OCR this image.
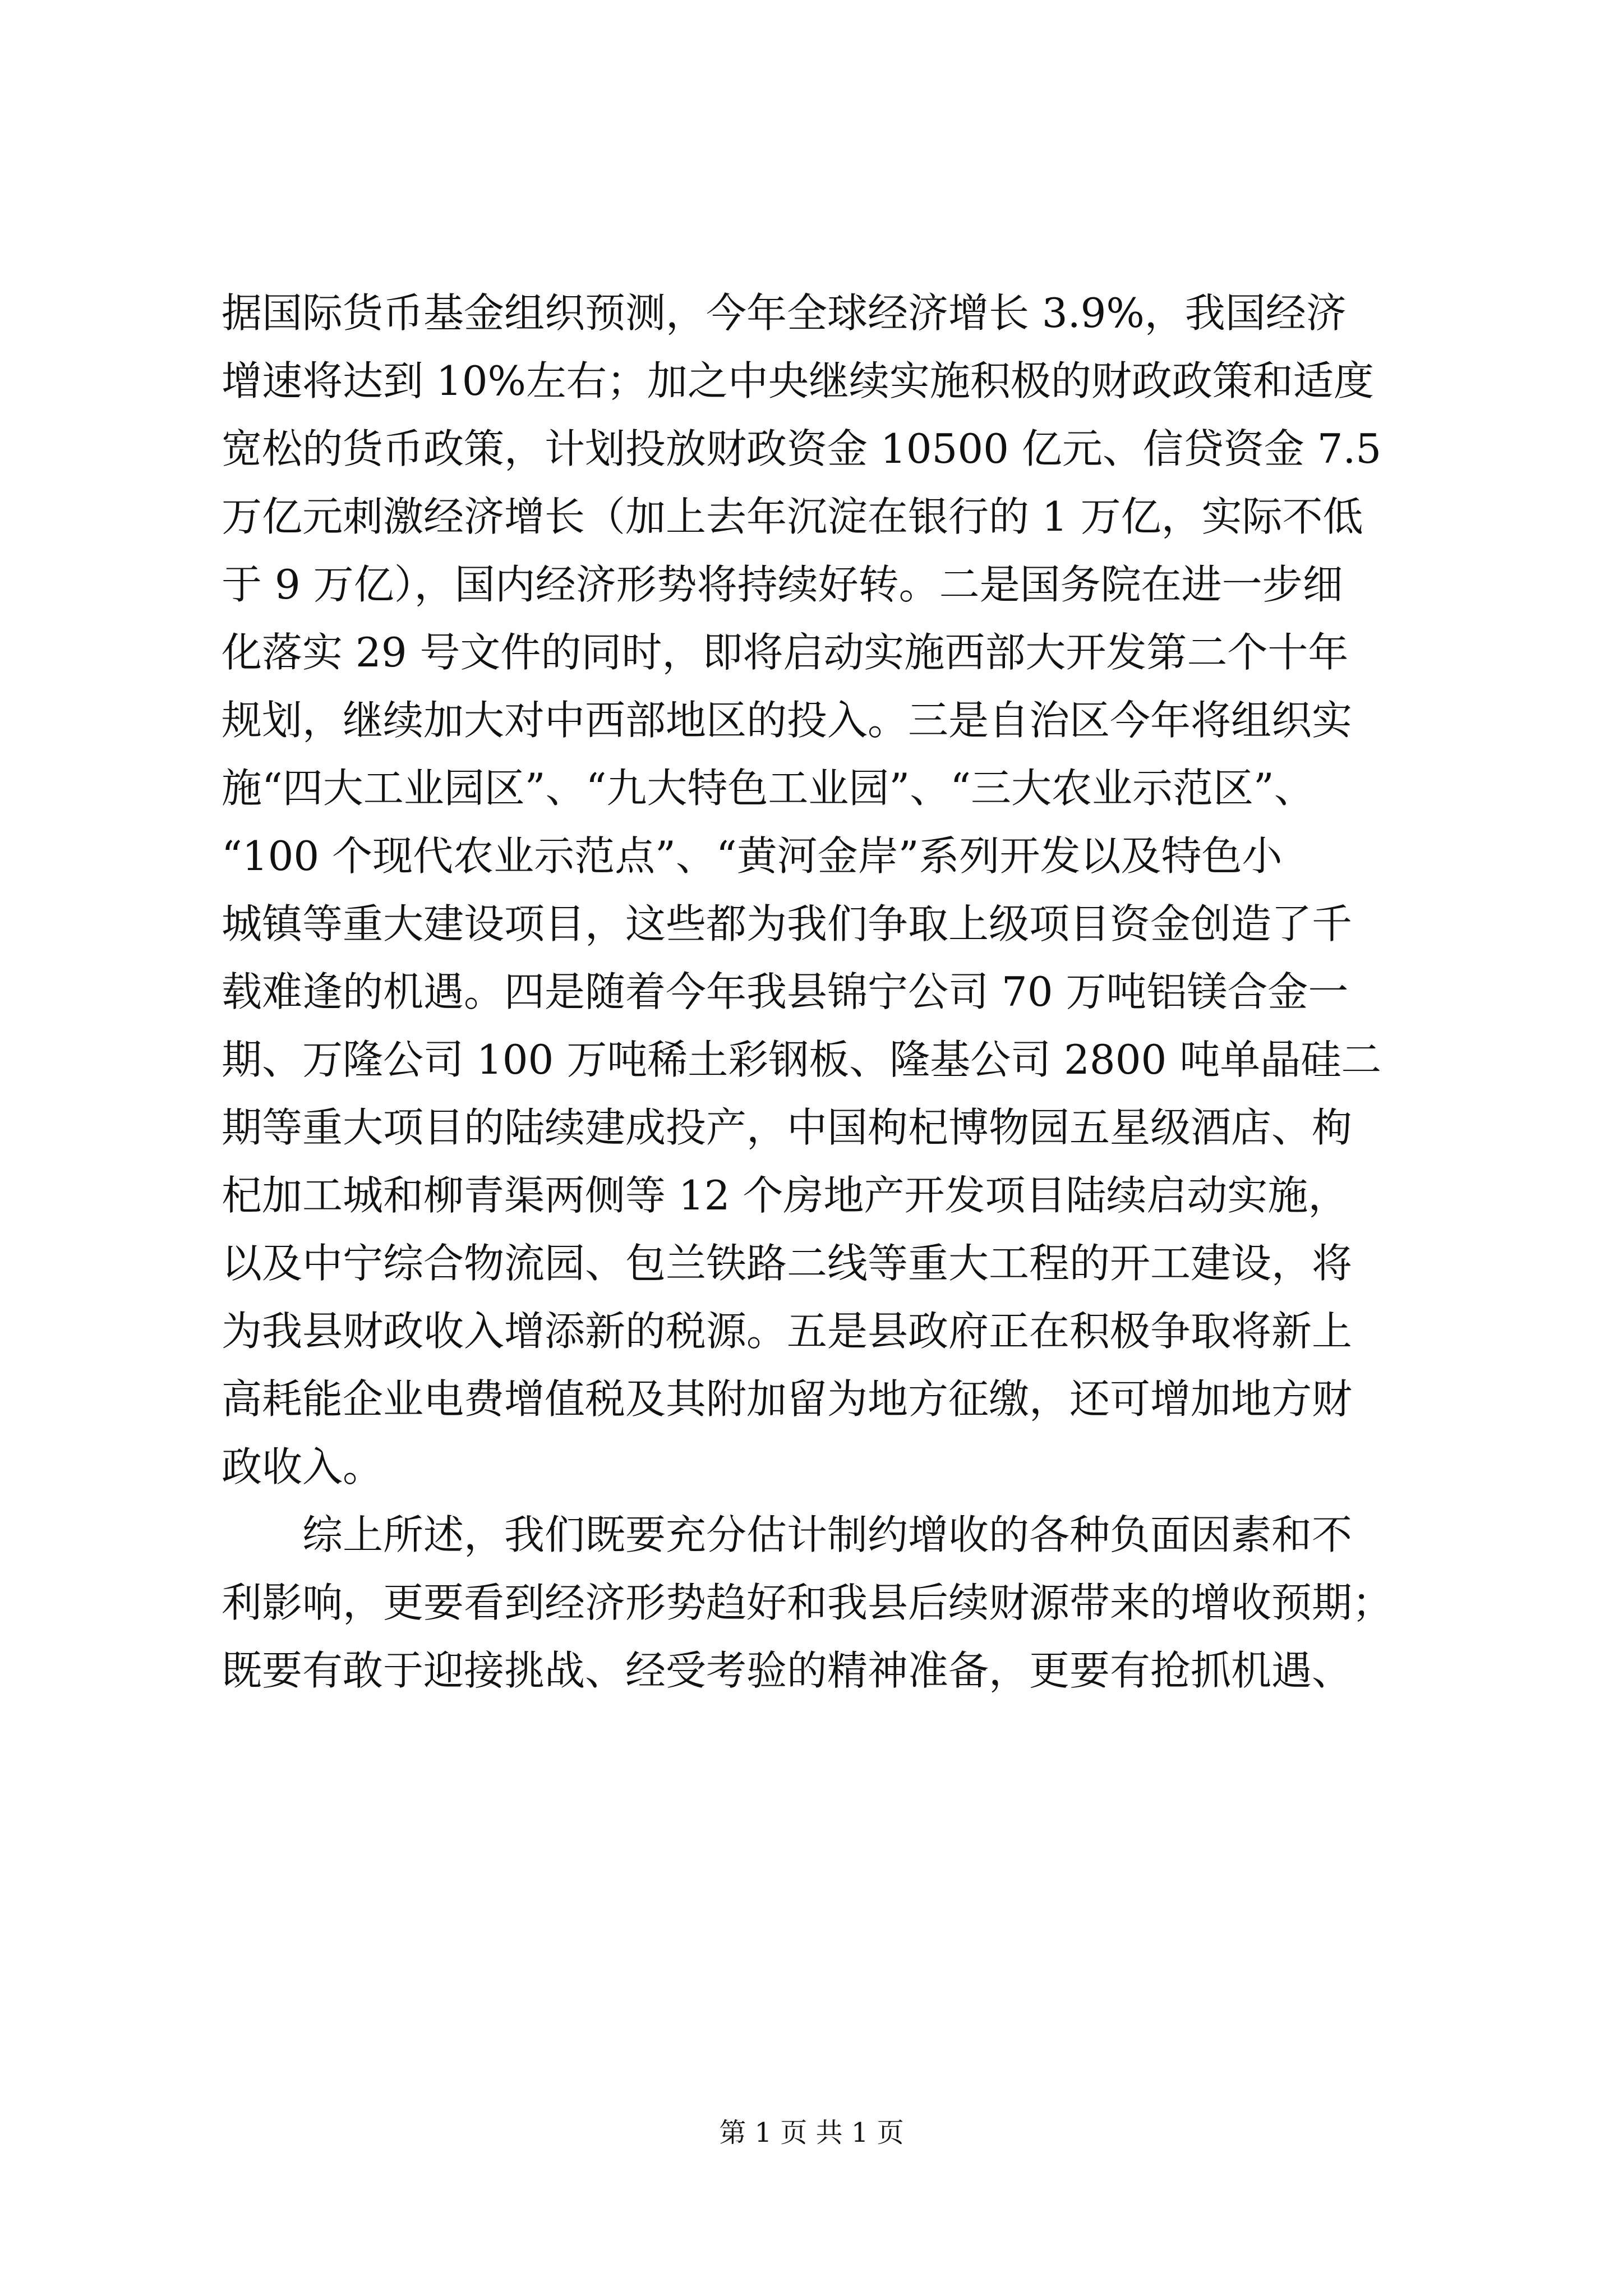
据国际货币基金组织预测，今年全球经济增长 3.9%，我国经济
增速将达到 10%左右；加之中央继续实施积极的财政政策和适度
宽松的货币政策，计划投放财政资金 10500 亿元、信贷资金 7.5
万亿元刺激经济增长（加上去年沉淀在银行的 1 万亿，实际不低
于 9 万亿），国内经济形势将持续好转。二是国务院在进一步细
化落实 29 号文件的同时，即将启动实施西部大开发第二个十年
规划，继续加大对中西部地区的投入。三是自治区今年将组织实
施“四大工业园区”、“九大特色工业园”、“三大农业示范区”、
“100 个现代农业示范点”、“黄河金岸”系列开发以及特色小
城镇等重大建设项目，这些都为我们争取上级项目资金创造了千
载难逢的机遇。四是随着今年我县锦宁公司 70 万吨铝镁合金一
期、万隆公司 100 万吨稀土彩钢板、隆基公司 2800 吨单晶硅二
期等重大项目的陆续建成投产，中国枸杞博物园五星级酒店、枸
杞加工城和柳青渠两侧等 12 个房地产开发项目陆续启动实施，
以及中宁综合物流园、包兰铁路二线等重大工程的开工建设，将
为我县财政收入增添新的税源。五是县政府正在积极争取将新上
高耗能企业电费增值税及其附加留为地方征缴，还可增加地方财
政收入。
综上所述，我们既要充分估计制约增收的各种负面因素和不
利影响，更要看到经济形势趋好和我县后续财源带来的增收预期；
既要有敢于迎接挑战、经受考验的精神准备，更要有抢抓机遇、
第 1 页 共 1 页
